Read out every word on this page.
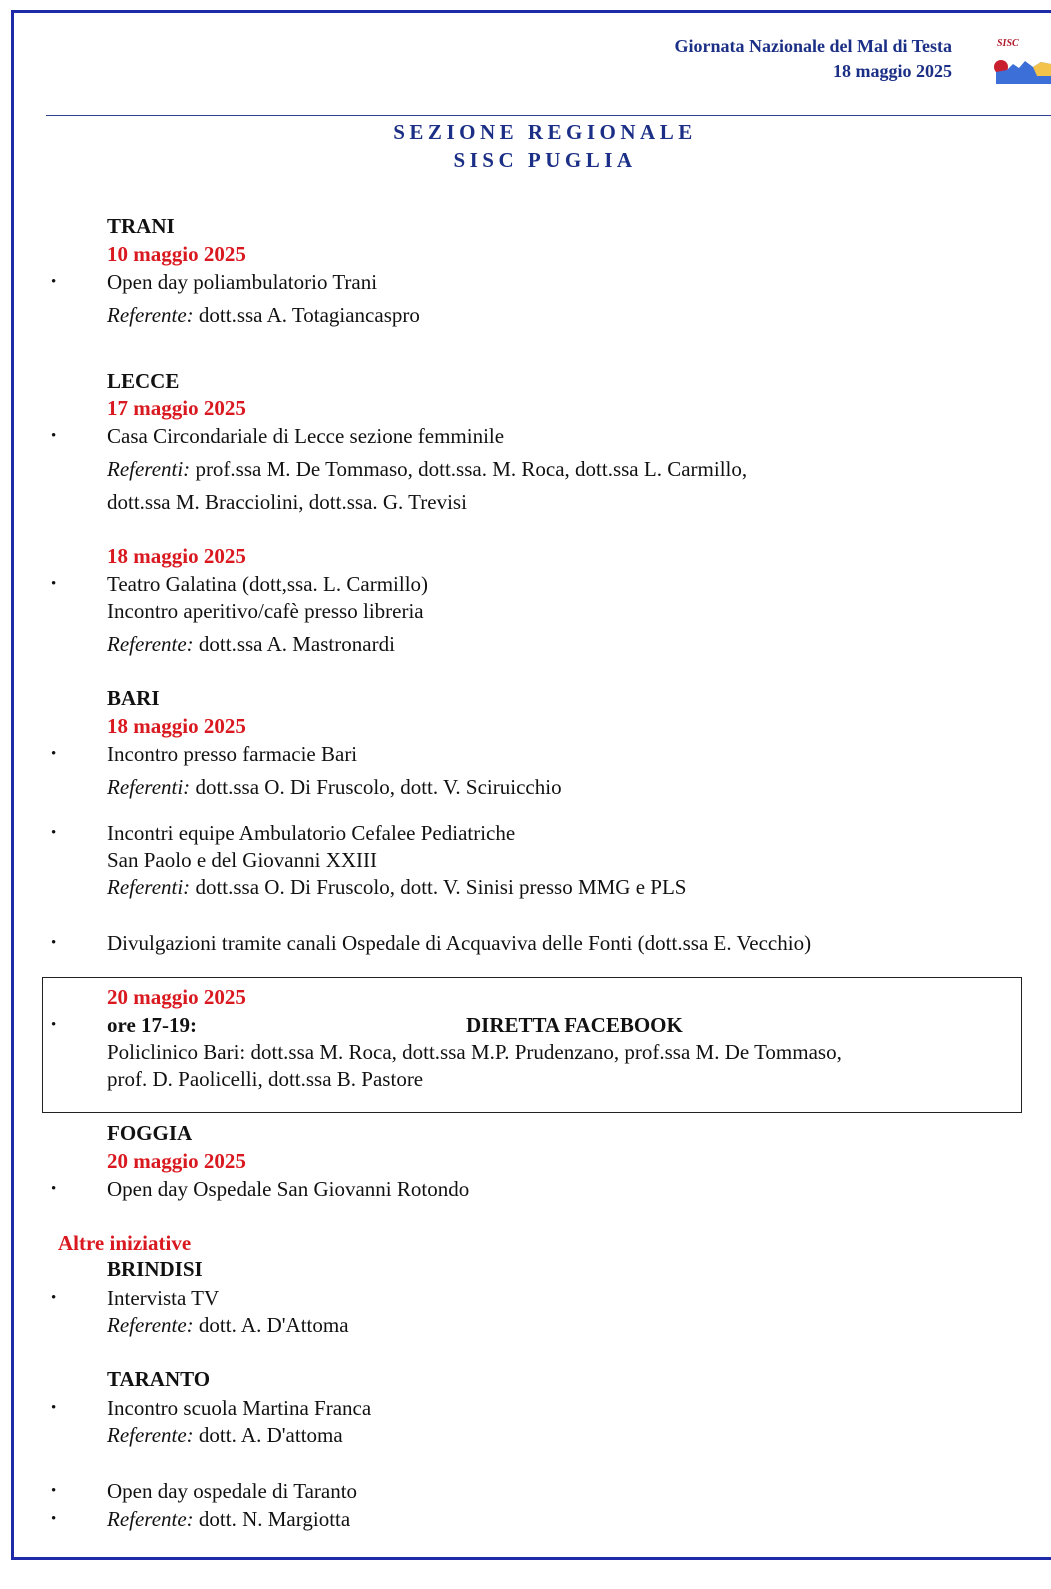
Giornata Nazionale del Mal di Testa
18 maggio 2025
SISC
SEZIONE REGIONALE
SISC PUGLIA
TRANI
10 maggio 2025
• Open day poliambulatorio Trani
Referente: dott.ssa A. Totagiancaspro
LECCE
17 maggio 2025
• Casa Circondariale di Lecce sezione femminile
Referenti: prof.ssa M. De Tommaso, dott.ssa. M. Roca, dott.ssa L. Carmillo,
dott.ssa M. Bracciolini, dott.ssa. G. Trevisi
18 maggio 2025
• Teatro Galatina (dott,ssa. L. Carmillo)
Incontro aperitivo/cafè presso libreria
Referente: dott.ssa A. Mastronardi
BARI
18 maggio 2025
• Incontro presso farmacie Bari
Referenti: dott.ssa O. Di Fruscolo, dott. V. Sciruicchio
• Incontri equipe Ambulatorio Cefalee Pediatriche
San Paolo e del Giovanni XXIII
Referenti: dott.ssa O. Di Fruscolo, dott. V. Sinisi presso MMG e PLS
• Divulgazioni tramite canali Ospedale di Acquaviva delle Fonti (dott.ssa E. Vecchio)
20 maggio 2025
• ore 17-19:	DIRETTA FACEBOOK
Policlinico Bari: dott.ssa M. Roca, dott.ssa M.P. Prudenzano, prof.ssa M. De Tommaso,
prof. D. Paolicelli, dott.ssa B. Pastore
FOGGIA
20 maggio 2025
• Open day Ospedale San Giovanni Rotondo
Altre iniziative
BRINDISI
• Intervista TV
Referente: dott. A. D'Attoma
TARANTO
• Incontro scuola Martina Franca
Referente: dott. A. D'attoma
• Open day ospedale di Taranto
• Referente: dott. N. Margiotta
